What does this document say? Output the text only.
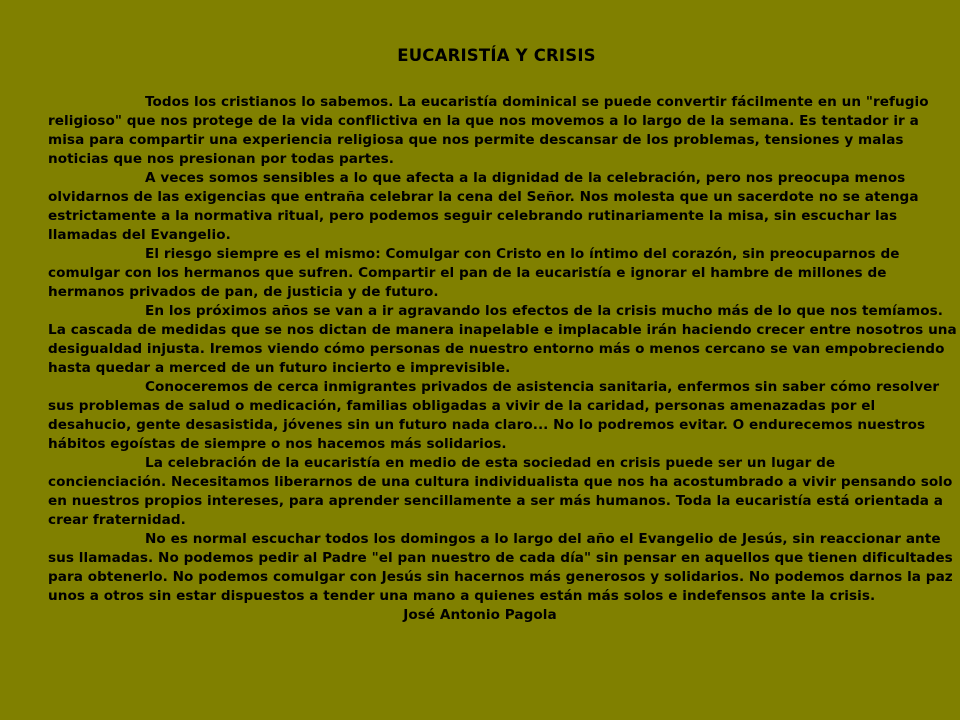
EUCARISTÍA Y CRISIS

Todos los cristianos lo sabemos. La eucaristía dominical se puede convertir fácilmente en un "refugio religioso" que nos protege de la vida conflictiva en la que nos movemos a lo largo de la semana. Es tentador ir a misa para compartir una experiencia religiosa que nos permite descansar de los problemas, tensiones y malas noticias que nos presionan por todas partes.

A veces somos sensibles a lo que afecta a la dignidad de la celebración, pero nos preocupa menos olvidarnos de las exigencias que entraña celebrar la cena del Señor. Nos molesta que un sacerdote no se atenga estrictamente a la normativa ritual, pero podemos seguir celebrando rutinariamente la misa, sin escuchar las llamadas del Evangelio.

El riesgo siempre es el mismo: Comulgar con Cristo en lo íntimo del corazón, sin preocuparnos de comulgar con los hermanos que sufren. Compartir el pan de la eucaristía e ignorar el hambre de millones de hermanos privados de pan, de justicia y de futuro.

En los próximos años se van a ir agravando los efectos de la crisis mucho más de lo que nos temíamos. La cascada de medidas que se nos dictan de manera inapelable e implacable irán haciendo crecer entre nosotros una desigualdad injusta. Iremos viendo cómo personas de nuestro entorno más o menos cercano se van empobreciendo hasta quedar a merced de un futuro incierto e imprevisible.

Conoceremos de cerca inmigrantes privados de asistencia sanitaria, enfermos sin saber cómo resolver sus problemas de salud o medicación, familias obligadas a vivir de la caridad, personas amenazadas por el desahucio, gente desasistida, jóvenes sin un futuro nada claro... No lo podremos evitar. O endurecemos nuestros hábitos egoístas de siempre o nos hacemos más solidarios.

La celebración de la eucaristía en medio de esta sociedad en crisis puede ser un lugar de concienciación. Necesitamos liberarnos de una cultura individualista que nos ha acostumbrado a vivir pensando solo en nuestros propios intereses, para aprender sencillamente a ser más humanos. Toda la eucaristía está orientada a crear fraternidad.

No es normal escuchar todos los domingos a lo largo del año el Evangelio de Jesús, sin reaccionar ante sus llamadas. No podemos pedir al Padre "el pan nuestro de cada día" sin pensar en aquellos que tienen dificultades para obtenerlo. No podemos comulgar con Jesús sin hacernos más generosos y solidarios. No podemos darnos la paz unos a otros sin estar dispuestos a tender una mano a quienes están más solos e indefensos ante la crisis.

José Antonio Pagola
